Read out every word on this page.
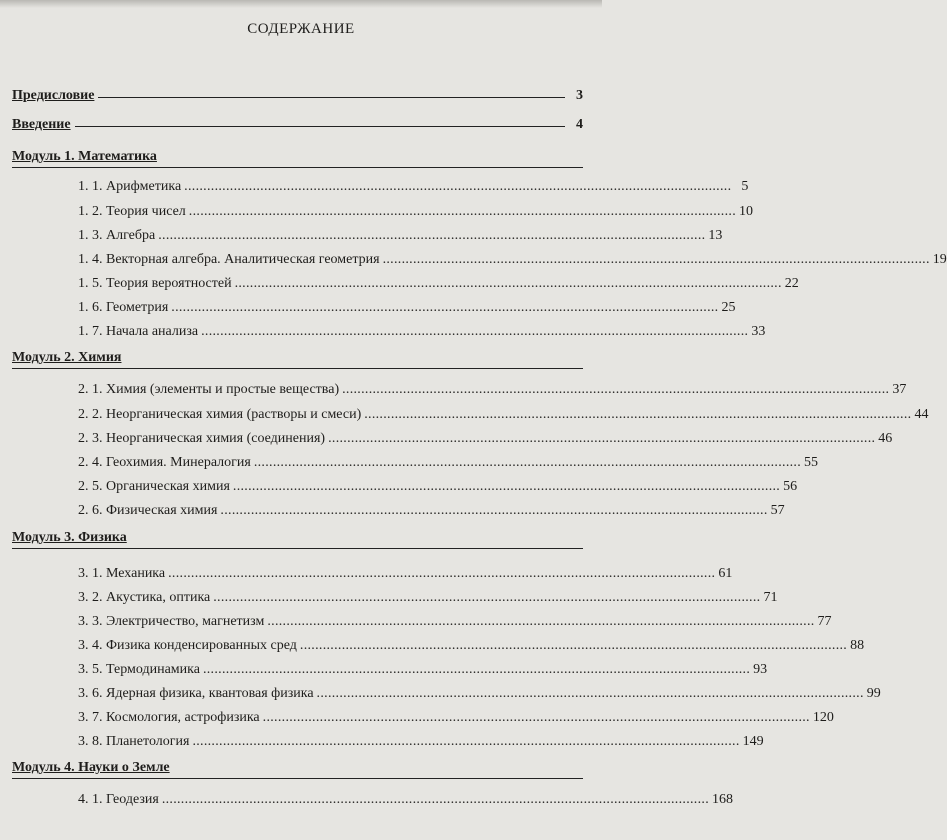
СОДЕРЖАНИЕ
Предисловие	3
Введение	4
Модуль 1. Математика
1. 1. Арифметика ................................................................................................................................................ 5
1. 2. Теория чисел ................................................................................................................................................ 10
1. 3. Алгебра ................................................................................................................................................ 13
1. 4. Векторная алгебра. Аналитическая геометрия ................................................................................................................................................ 19
1. 5. Теория вероятностей ................................................................................................................................................ 22
1. 6. Геометрия ................................................................................................................................................ 25
1. 7. Начала анализа ................................................................................................................................................ 33
Модуль 2. Химия
2. 1. Химия (элементы и простые вещества) ................................................................................................................................................ 37
2. 2. Неорганическая химия (растворы и смеси) ................................................................................................................................................ 44
2. 3. Неорганическая химия (соединения) ................................................................................................................................................ 46
2. 4. Геохимия. Минералогия ................................................................................................................................................ 55
2. 5. Органическая химия ................................................................................................................................................ 56
2. 6. Физическая химия ................................................................................................................................................ 57
Модуль 3. Физика
3. 1. Механика ................................................................................................................................................ 61
3. 2. Акустика, оптика ................................................................................................................................................ 71
3. 3. Электричество, магнетизм ................................................................................................................................................ 77
3. 4. Физика конденсированных сред ................................................................................................................................................ 88
3. 5. Термодинамика ................................................................................................................................................ 93
3. 6. Ядерная физика, квантовая физика ................................................................................................................................................ 99
3. 7. Космология, астрофизика ................................................................................................................................................ 120
3. 8. Планетология ................................................................................................................................................ 149
Модуль 4. Науки о Земле
4. 1. Геодезия ................................................................................................................................................ 168
